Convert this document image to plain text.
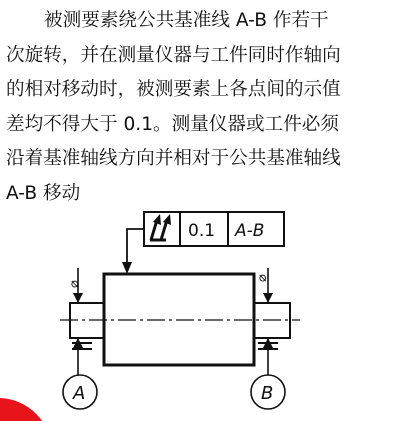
被测要素绕公共基准线 A-B 作若干
次旋转，并在测量仪器与工件同时作轴向
的相对移动时，被测要素上各点间的示值
差均不得大于 0.1。测量仪器或工件必须
沿着基准轴线方向并相对于公共基准轴线
A-B 移动
0.1 A-B
⌀
⌀
A	B
